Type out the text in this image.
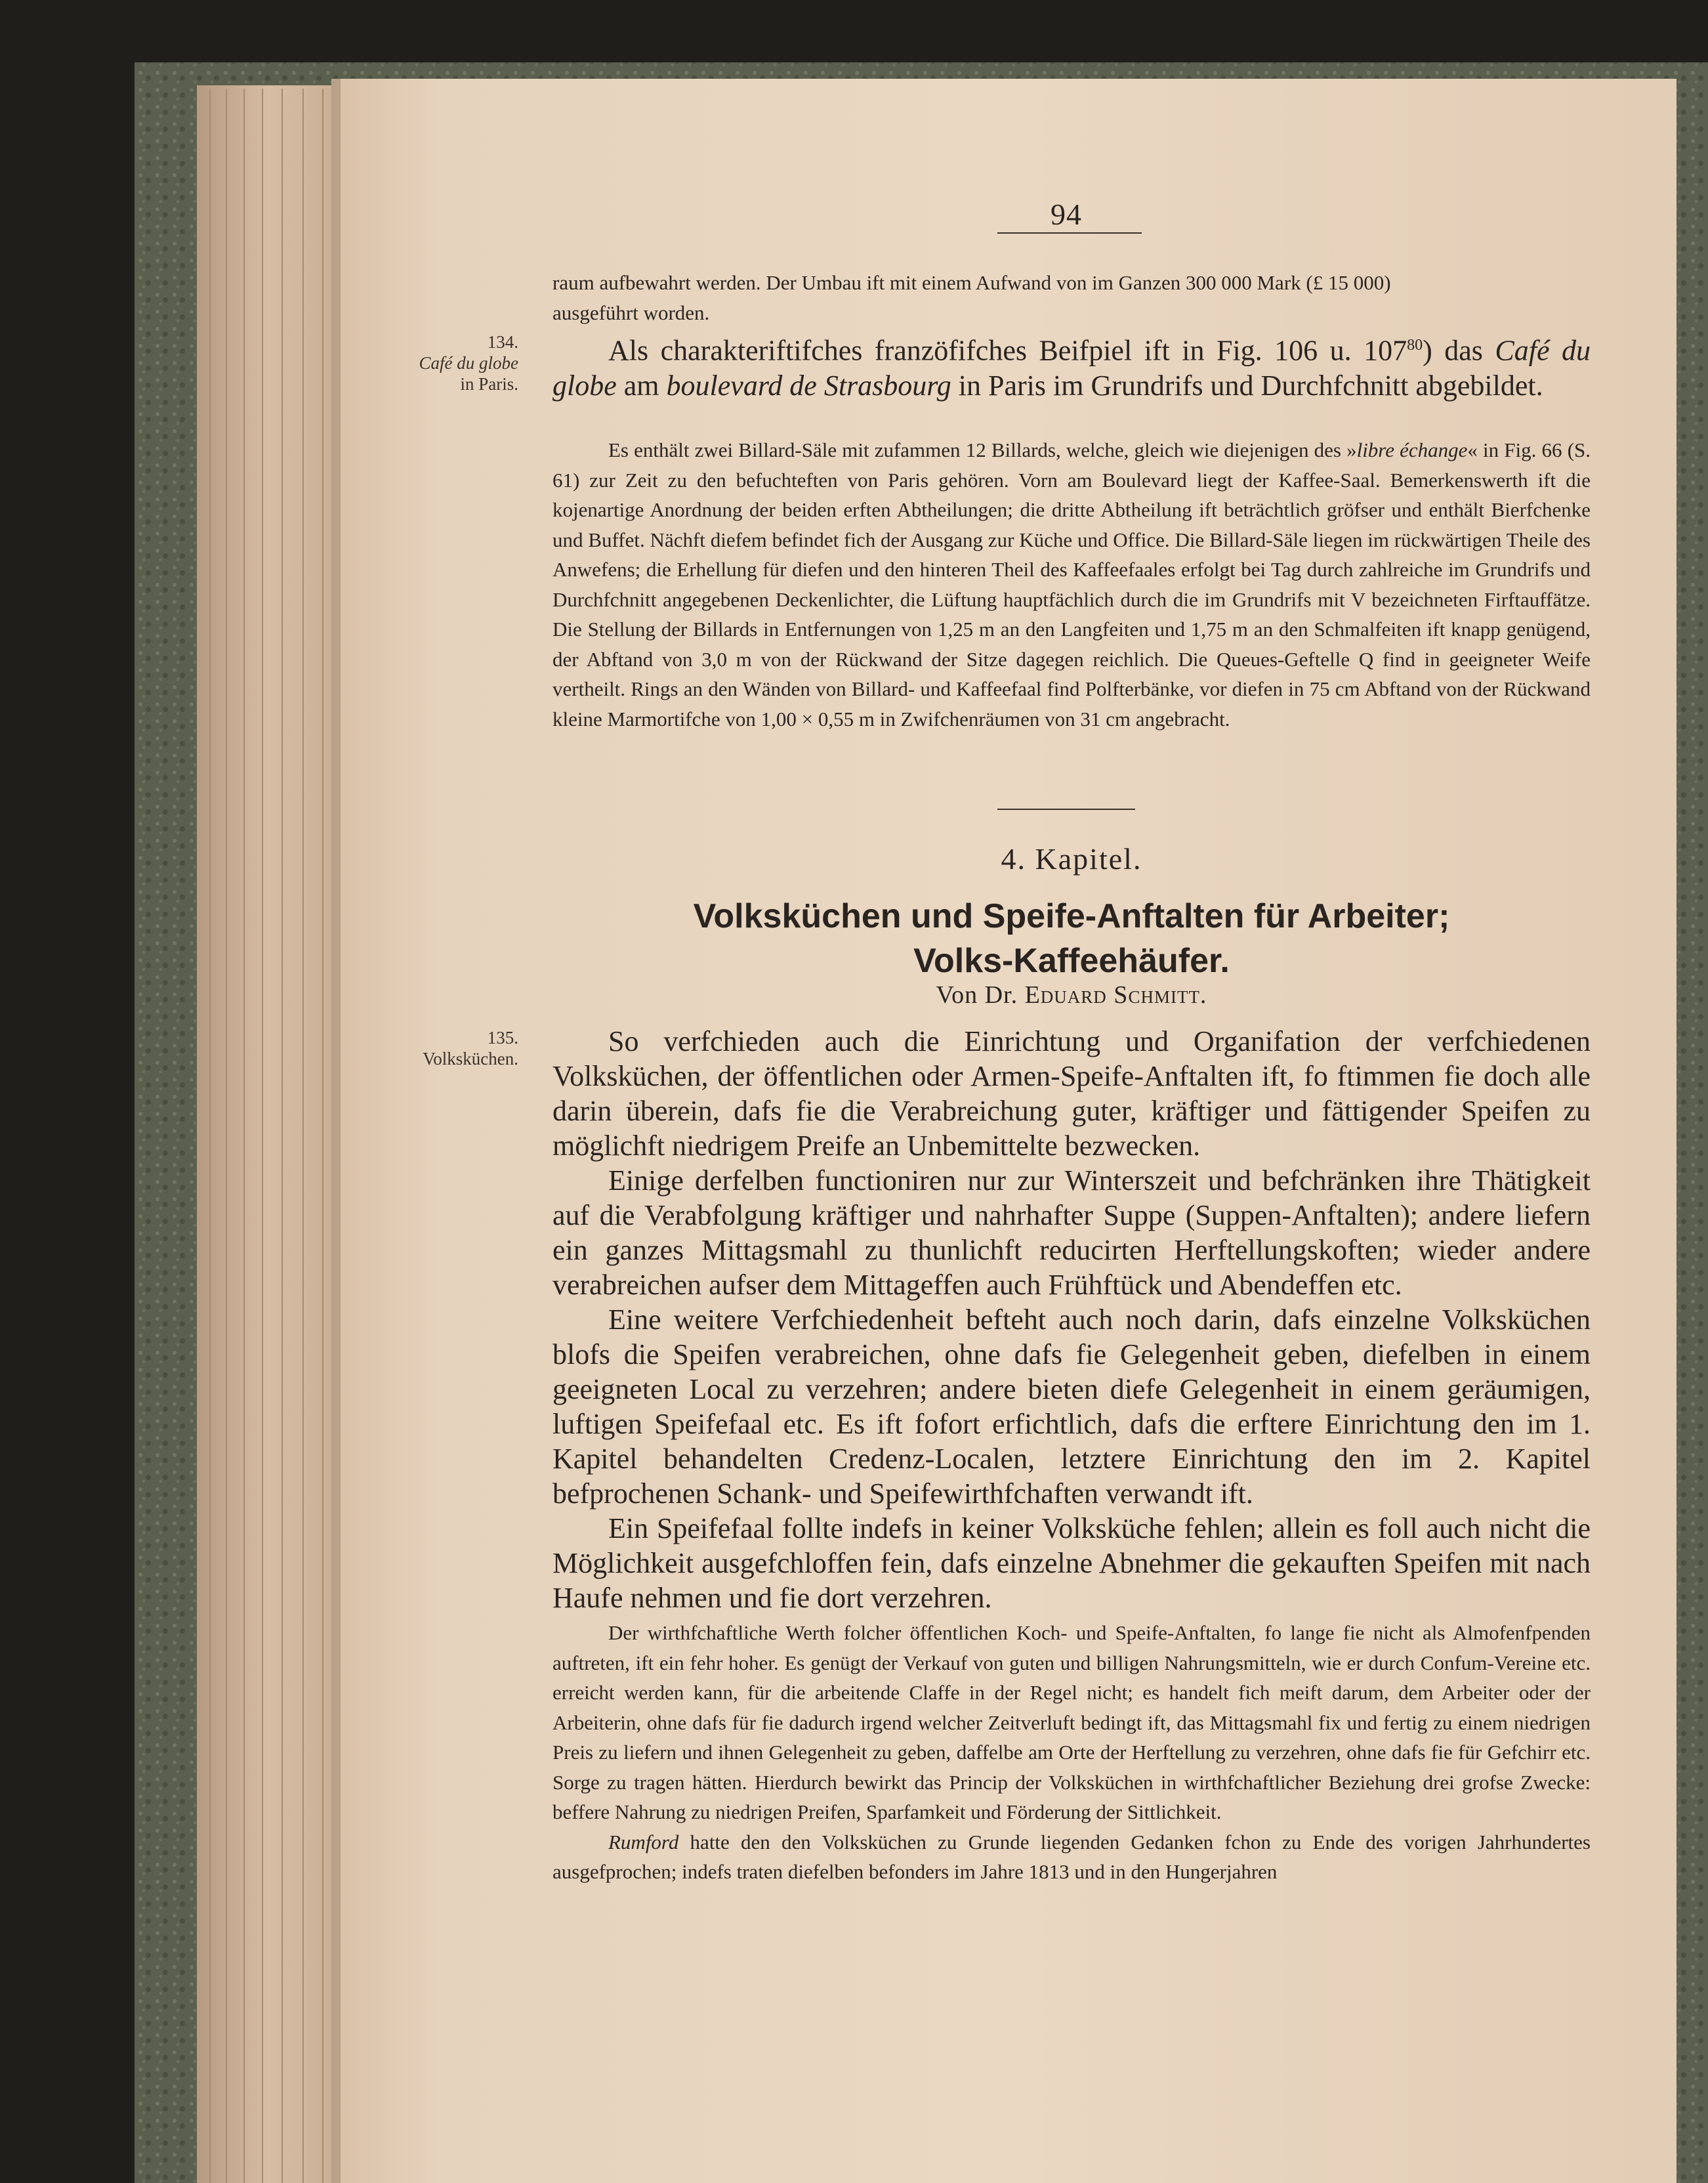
94
134.
Café du globe
in Paris.
135.
Volksküchen.

raum aufbewahrt werden. Der Umbau ift mit einem Aufwand von im Ganzen 300 000 Mark (£ 15 000)

ausgeführt worden.

Als charakteriftifches franzöfifches Beifpiel ift in Fig. 106 u. $107^{80}$) das Café du globe am boulevard de Strasbourg in Paris im Grundrifs und Durchfchnitt abgebildet.

Es enthält zwei Billard-Säle mit zufammen 12 Billards, welche, gleich wie diejenigen des »libre échange« in Fig. 66 (S. 61) zur Zeit zu den befuchteften von Paris gehören. Vorn am Boulevard liegt der Kaffee-Saal. Bemerkenswerth ift die kojenartige Anordnung der beiden erften Abtheilungen; die dritte Abtheilung ift beträchtlich gröfser und enthält Bierfchenke und Buffet. Nächft diefem befindet fich der Ausgang zur Küche und Office. Die Billard-Säle liegen im rückwärtigen Theile des Anwefens; die Erhellung für diefen und den hinteren Theil des Kaffeefaales erfolgt bei Tag durch zahlreiche im Grundrifs und Durchfchnitt angegebenen Deckenlichter, die Lüftung hauptfächlich durch die im Grundrifs mit V bezeichneten Firftauffätze. Die Stellung der Billards in Entfernungen von 1,25 m an den Langfeiten und 1,75 m an den Schmalfeiten ift knapp genügend, der Abftand von 3,0 m von der Rückwand der Sitze dagegen reichlich. Die Queues-Geftelle Q find in geeigneter Weife vertheilt. Rings an den Wänden von Billard- und Kaffeefaal find Polfterbänke, vor diefen in 75 cm Abftand von der Rückwand kleine Marmortifche von 1,00 × 0,55 m in Zwifchenräumen von 31 cm angebracht.

4. Kapitel.
Volksküchen und Speife-Anftalten für Arbeiter;
Volks-Kaffeehäufer.
Von Dr. Eduard Schmitt.

So verfchieden auch die Einrichtung und Organifation der verfchiedenen Volksküchen, der öffentlichen oder Armen-Speife-Anftalten ift, fo ftimmen fie doch alle darin überein, dafs fie die Verabreichung guter, kräftiger und fättigender Speifen zu möglichft niedrigem Preife an Unbemittelte bezwecken.

Einige derfelben functioniren nur zur Winterszeit und befchränken ihre Thätigkeit auf die Verabfolgung kräftiger und nahrhafter Suppe (Suppen-Anftalten); andere liefern ein ganzes Mittagsmahl zu thunlichft reducirten Herftellungskoften; wieder andere verabreichen aufser dem Mittageffen auch Frühftück und Abendeffen etc.

Eine weitere Verfchiedenheit befteht auch noch darin, dafs einzelne Volksküchen blofs die Speifen verabreichen, ohne dafs fie Gelegenheit geben, diefelben in einem geeigneten Local zu verzehren; andere bieten diefe Gelegenheit in einem geräumigen, luftigen Speifefaal etc. Es ift fofort erfichtlich, dafs die erftere Einrichtung den im 1. Kapitel behandelten Credenz-Localen, letztere Einrichtung den im 2. Kapitel befprochenen Schank- und Speifewirthfchaften verwandt ift.

Ein Speifefaal follte indefs in keiner Volksküche fehlen; allein es foll auch nicht die Möglichkeit ausgefchloffen fein, dafs einzelne Abnehmer die gekauften Speifen mit nach Haufe nehmen und fie dort verzehren.

Der wirthfchaftliche Werth folcher öffentlichen Koch- und Speife-Anftalten, fo lange fie nicht als Almofenfpenden auftreten, ift ein fehr hoher. Es genügt der Verkauf von guten und billigen Nahrungsmitteln, wie er durch Confum-Vereine etc. erreicht werden kann, für die arbeitende Claffe in der Regel nicht; es handelt fich meift darum, dem Arbeiter oder der Arbeiterin, ohne dafs für fie dadurch irgend welcher Zeitverluft bedingt ift, das Mittagsmahl fix und fertig zu einem niedrigen Preis zu liefern und ihnen Gelegenheit zu geben, daffelbe am Orte der Herftellung zu verzehren, ohne dafs fie für Gefchirr etc. Sorge zu tragen hätten. Hierdurch bewirkt das Princip der Volksküchen in wirthfchaftlicher Beziehung drei grofse Zwecke: beffere Nahrung zu niedrigen Preifen, Sparfamkeit und Förderung der Sittlichkeit.

Rumford hatte den den Volksküchen zu Grunde liegenden Gedanken fchon zu Ende des vorigen Jahrhundertes ausgefprochen; indefs traten diefelben befonders im Jahre 1813 und in den Hungerjahren
